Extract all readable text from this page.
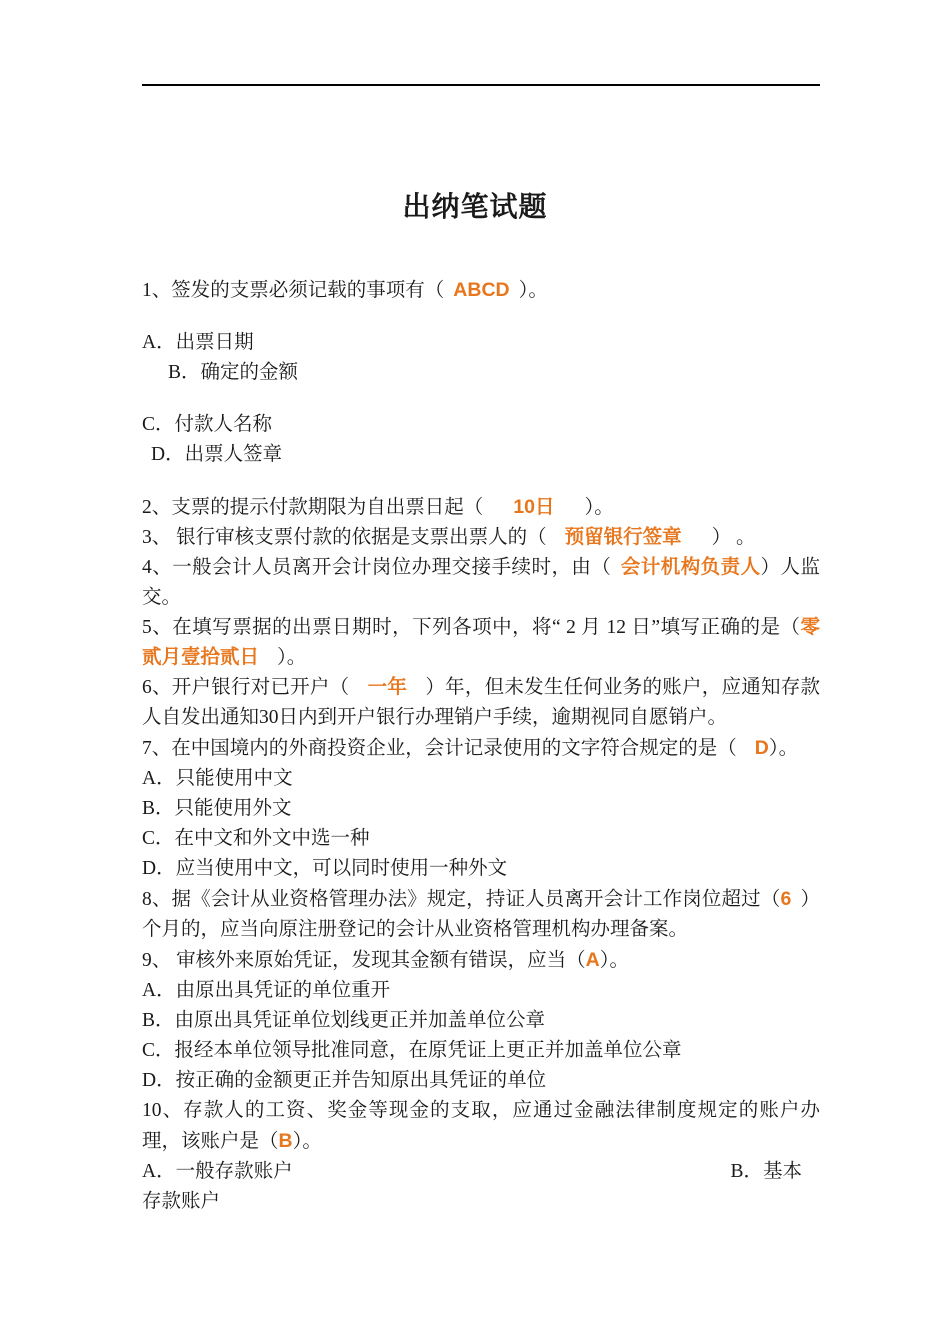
出纳笔试题

1、签发的支票必须记载的事项有（ ABCD ）。

A．出票日期

B．确定的金额

C．付款人名称

D．出票人签章

2、支票的提示付款期限为自出票日起（ 10日 ）。

3、 银行审核支票付款的依据是支票出票人的（ 预留银行签章 ） 。

4、一般会计人员离开会计岗位办理交接手续时，由（ 会计机构负责人）人监交。

5、在填写票据的出票日期时，下列各项中，将“ 2 月 12 日”填写正确的是（零贰月壹拾贰日 ）。

6、开户银行对已开户（ 一年 ）年，但未发生任何业务的账户，应通知存款人自发出通知30日内到开户银行办理销户手续，逾期视同自愿销户。

7、在中国境内的外商投资企业，会计记录使用的文字符合规定的是（ D）。

A．只能使用中文

B．只能使用外文

C．在中文和外文中选一种

D．应当使用中文，可以同时使用一种外文

8、据《会计从业资格管理办法》规定，持证人员离开会计工作岗位超过（6 ）个月的，应当向原注册登记的会计从业资格管理机构办理备案。

9、 审核外来原始凭证，发现其金额有错误，应当（A）。

A．由原出具凭证的单位重开

B．由原出具凭证单位划线更正并加盖单位公章

C．报经本单位领导批准同意，在原凭证上更正并加盖单位公章

D．按正确的金额更正并告知原出具凭证的单位

10、存款人的工资、奖金等现金的支取，应通过金融法律制度规定的账户办理，该账户是（B）。

A．一般存款账户	B．基本

存款账户
